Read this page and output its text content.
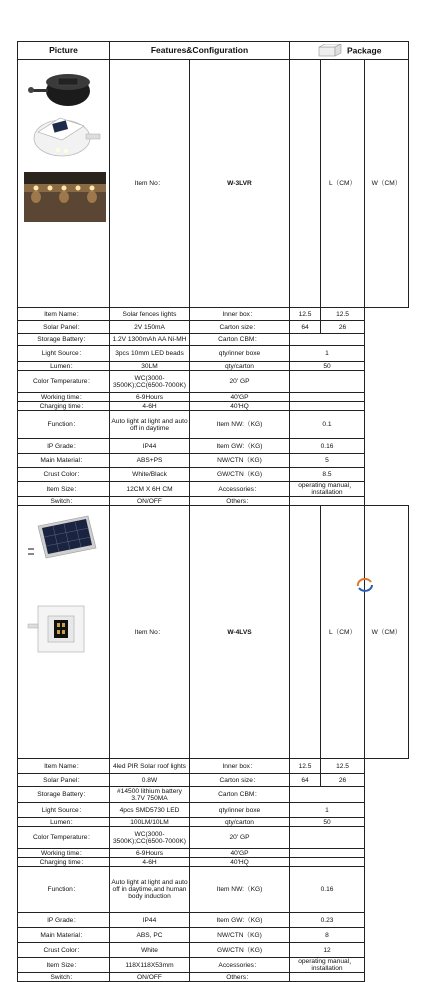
Picture	Features&Configuration		Package		
	Item No：	W-3LVR		L（CM）	W（CM）
Item Name：	Solar fences lights	Inner box：	12.5	12.5	
Solar Panel：	2V 150mA	Carton size：	64	26	
Storage Battery：	1.2V 1300mAh AA Ni-MH	Carton CBM：			
Light Source：	3pcs 10mm LED beads	qty/inner boxe	1		
Lumen：	30LM	qty/carton	50		
Color Temperature：	WC(3000-3500K);CC(6500-7000K)	20' GP			
Working time：	6-9Hours	40'GP			
Charging time：	4-6H	40'HQ			
Function：	Auto light at light and auto off in daytime	Item NW:（KG)	0.1		
IP Grade：	IP44	Item GW:（KG)	0.16		
Main Material：	ABS+PS	NW/CTN（KG)	5		
Crust Color：	White/Black	GW/CTN（KG)	8.5		
Item Size：	12CM X 6H CM	Accessories：	operating manual，installation		
Switch：	ON/OFF	Others：			
	Item No：	W-4LVS		L（CM）	W（CM）
Item Name：	4led PIR Solar roof lights	Inner box：	12.5	12.5	
Solar Panel：	0.8W	Carton size：	64	26	
Storage Battery：	#14500 lithium battery 3.7V 750MA	Carton CBM：			
Light Source：	4pcs SMD5730 LED	qty/inner boxe	1		
Lumen：	100LM/10LM	qty/carton	50		
Color Temperature：	WC(3000-3500K);CC(6500-7000K)	20' GP			
Working time：	6-9Hours	40'GP			
Charging time：	4-6H	40'HQ			
Function：	Auto light at light and auto off in daytime,and human body induction	Item NW:（KG)	0.16		
IP Grade：	IP44	Item GW:（KG)	0.23		
Main Material：	ABS, PC	NW/CTN（KG)	8		
Crust Color：	White	GW/CTN（KG)	12		
Item Size：	118X118X53mm	Accessories：	operating manual，installation		
Switch：	ON/OFF	Others：			
